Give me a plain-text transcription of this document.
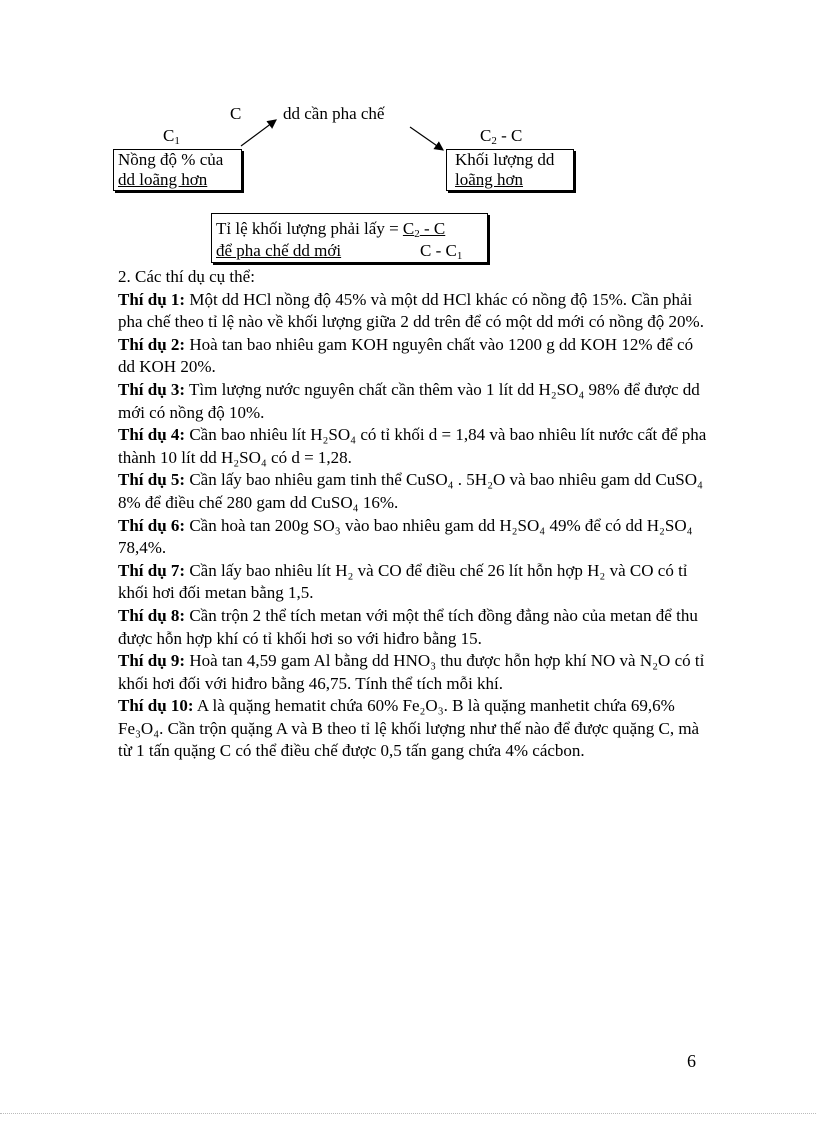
C dd cần pha chế
$C_1$	$C_2$ - C
Nồng độ % của
dd loãng hơn
Khối lượng dd
loãng hơn
Tỉ lệ khối lượng phải lấy = $C_2$ - C
để pha chế dd mới	C - $C_1$

2. Các thí dụ cụ thể:

Thí dụ 1: Một dd HCl nồng độ 45% và một dd HCl khác có nồng độ 15%. Cần phải pha chế theo tỉ lệ nào về khối lượng giữa 2 dd trên để có một dd mới có nồng độ 20%.

Thí dụ 2: Hoà tan bao nhiêu gam KOH nguyên chất vào 1200 g dd KOH 12% để có dd KOH 20%.

Thí dụ 3: Tìm lượng nước nguyên chất cần thêm vào 1 lít dd H₂SO₄ 98% để được dd mới có nồng độ 10%.

Thí dụ 4: Cần bao nhiêu lít H₂SO₄ có tỉ khối d = 1,84 và bao nhiêu lít nước cất để pha thành 10 lít dd H₂SO₄ có d = 1,28.

Thí dụ 5: Cần lấy bao nhiêu gam tinh thể CuSO₄ . 5H₂O và bao nhiêu gam dd CuSO₄ 8% để điều chế 280 gam dd CuSO₄ 16%.

Thí dụ 6: Cần hoà tan 200g SO₃ vào bao nhiêu gam dd H₂SO₄ 49% để có dd H₂SO₄ 78,4%.

Thí dụ 7: Cần lấy bao nhiêu lít H₂ và CO để điều chế 26 lít hỗn hợp H₂ và CO có tỉ khối hơi đối metan bằng 1,5.

Thí dụ 8: Cần trộn 2 thể tích metan với một thể tích đồng đẳng nào của metan để thu được hỗn hợp khí có tỉ khối hơi so với hiđro bằng 15.

Thí dụ 9: Hoà tan 4,59 gam Al bằng dd HNO₃ thu được hỗn hợp khí NO và N₂O có tỉ khối hơi đối với hiđro bằng 46,75. Tính thể tích mỗi khí.

Thí dụ 10: A là quặng hematit chứa 60% Fe₂O₃. B là quặng manhetit chứa 69,6% Fe₃O₄. Cần trộn quặng A và B theo tỉ lệ khối lượng như thế nào để được quặng C, mà từ 1 tấn quặng C có thể điều chế được 0,5 tấn gang chứa 4% cácbon.

6
